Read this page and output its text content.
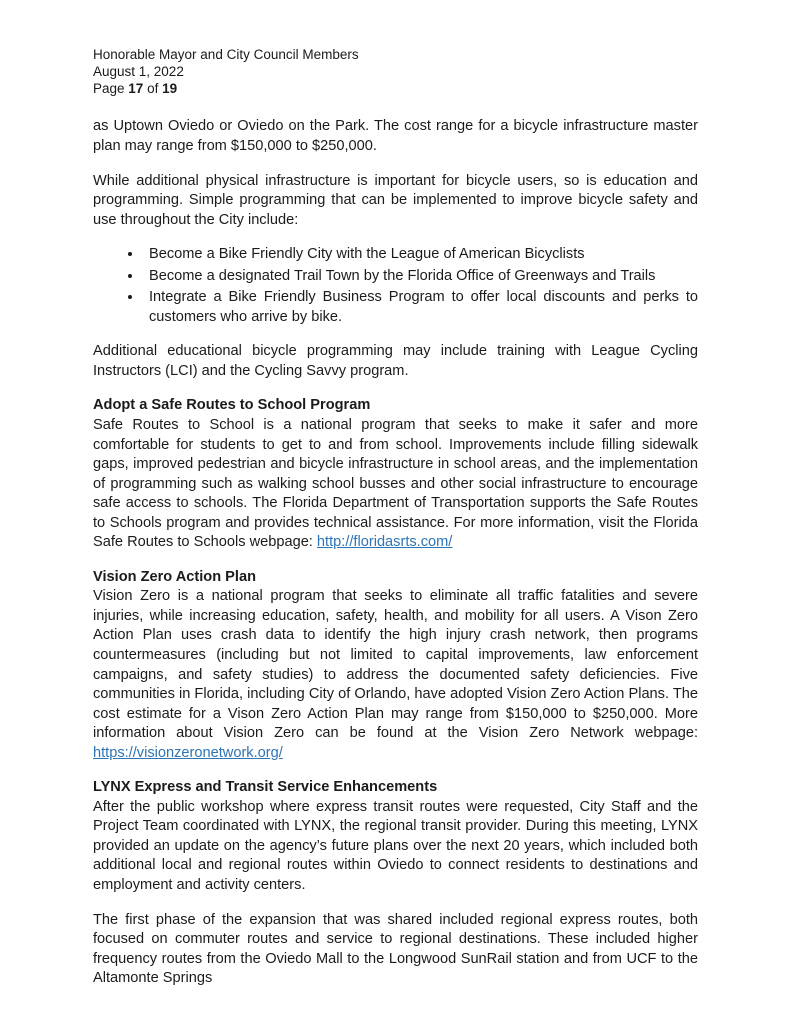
Honorable Mayor and City Council Members
August 1, 2022
Page 17 of 19

as Uptown Oviedo or Oviedo on the Park. The cost range for a bicycle infrastructure master plan may range from $150,000 to $250,000.

While additional physical infrastructure is important for bicycle users, so is education and programming. Simple programming that can be implemented to improve bicycle safety and use throughout the City include:

• Become a Bike Friendly City with the League of American Bicyclists
• Become a designated Trail Town by the Florida Office of Greenways and Trails
• Integrate a Bike Friendly Business Program to offer local discounts and perks to customers who arrive by bike.

Additional educational bicycle programming may include training with League Cycling Instructors (LCI) and the Cycling Savvy program.

Adopt a Safe Routes to School Program

Safe Routes to School is a national program that seeks to make it safer and more comfortable for students to get to and from school. Improvements include filling sidewalk gaps, improved pedestrian and bicycle infrastructure in school areas, and the implementation of programming such as walking school busses and other social infrastructure to encourage safe access to schools. The Florida Department of Transportation supports the Safe Routes to Schools program and provides technical assistance. For more information, visit the Florida Safe Routes to Schools webpage: http://floridasrts.com/

Vision Zero Action Plan

Vision Zero is a national program that seeks to eliminate all traffic fatalities and severe injuries, while increasing education, safety, health, and mobility for all users. A Vison Zero Action Plan uses crash data to identify the high injury crash network, then programs countermeasures (including but not limited to capital improvements, law enforcement campaigns, and safety studies) to address the documented safety deficiencies. Five communities in Florida, including City of Orlando, have adopted Vision Zero Action Plans. The cost estimate for a Vison Zero Action Plan may range from $150,000 to $250,000. More information about Vision Zero can be found at the Vision Zero Network webpage: https://visionzeronetwork.org/

LYNX Express and Transit Service Enhancements

After the public workshop where express transit routes were requested, City Staff and the Project Team coordinated with LYNX, the regional transit provider. During this meeting, LYNX provided an update on the agency’s future plans over the next 20 years, which included both additional local and regional routes within Oviedo to connect residents to destinations and employment and activity centers.

The first phase of the expansion that was shared included regional express routes, both focused on commuter routes and service to regional destinations. These included higher frequency routes from the Oviedo Mall to the Longwood SunRail station and from UCF to the Altamonte Springs
